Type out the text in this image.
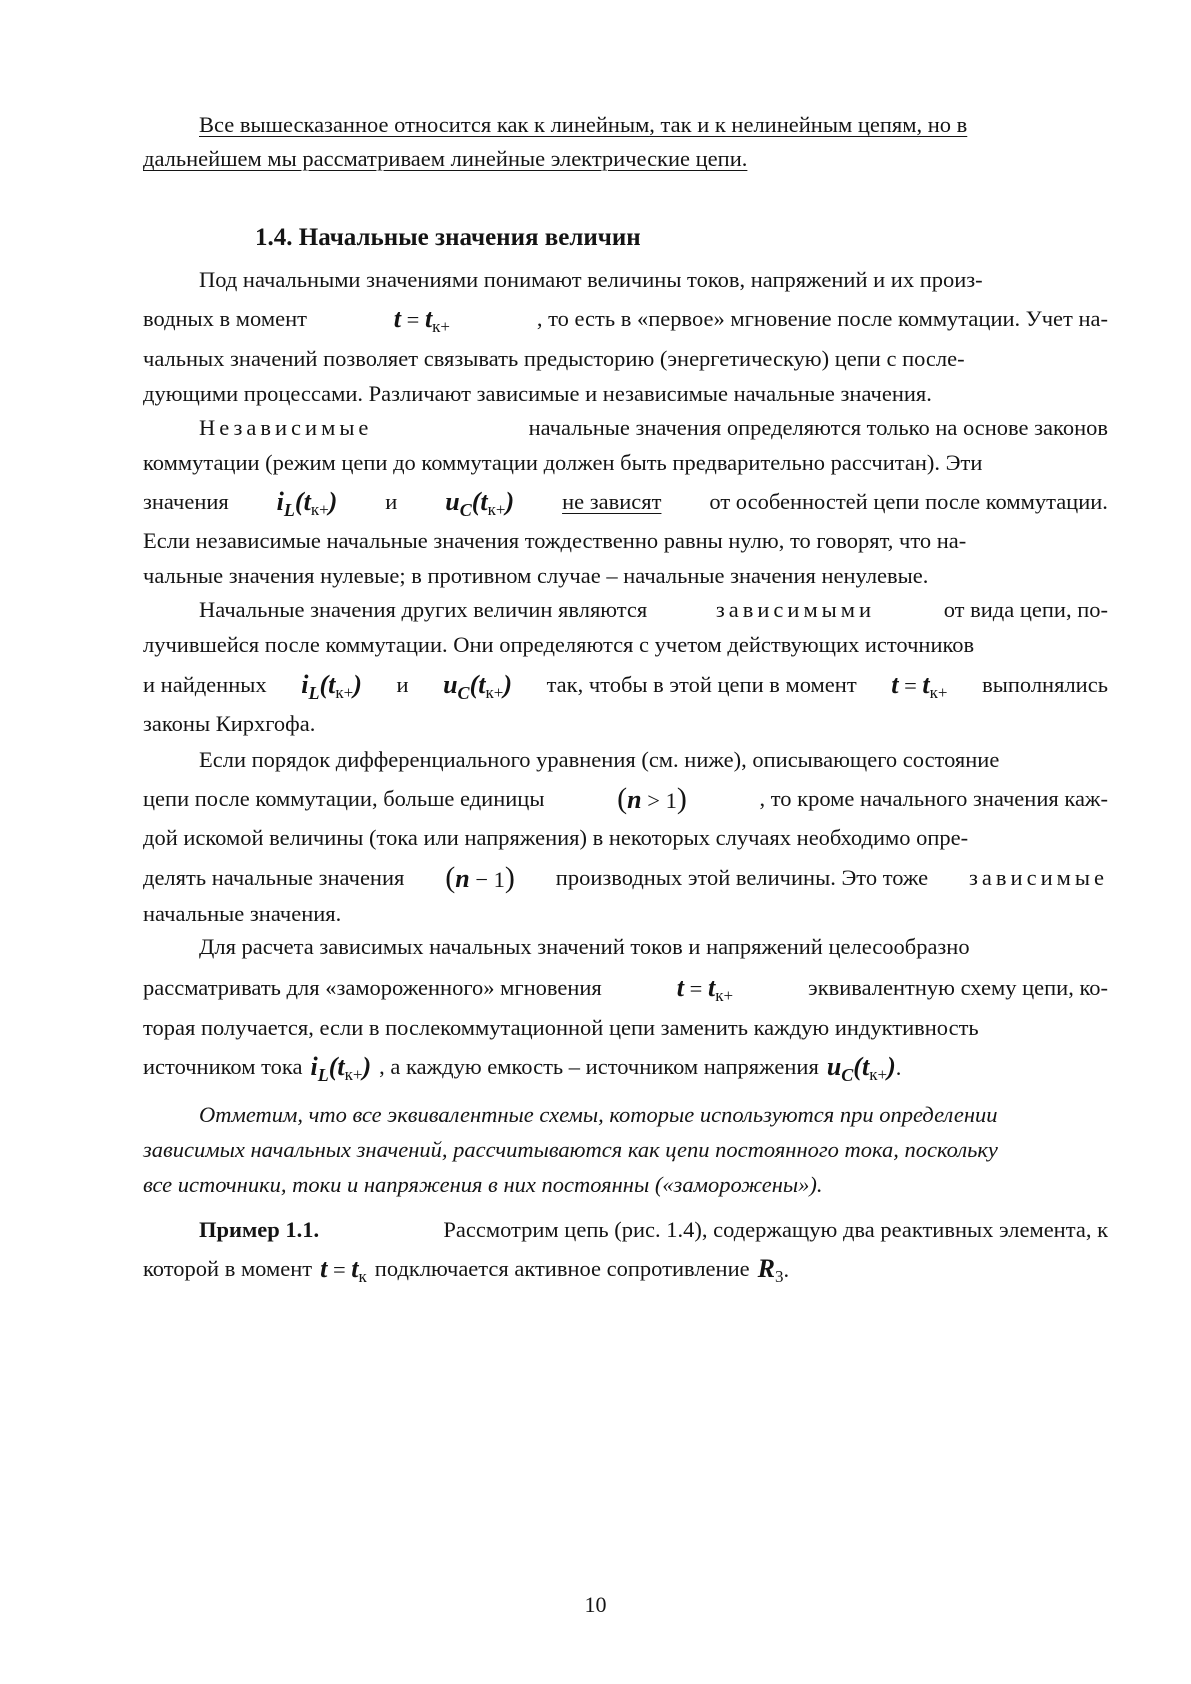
Все вышесказанное относится как к линейным, так и к нелинейным цепям, но в
дальнейшем мы рассматриваем линейные электрические цепи.
1.4. Начальные значения величин
Под начальными значениями понимают величины токов, напряжений и их произ-
водных в момент	$t = t_{к+}$	, то есть в «первое» мгновение после коммутации. Учет на-
чальных значений позволяет связывать предысторию (энергетическую) цепи с после-
дующими процессами. Различают зависимые и независимые начальные значения.
Независимые	начальные значения определяются только на основе законов
коммутации (режим цепи до коммутации должен быть предварительно рассчитан). Эти
значения $i_L(t_{к+})$ и $u_C(t_{к+})$ не зависят от особенностей цепи после коммутации.
Если независимые начальные значения тождественно равны нулю, то говорят, что на-
чальные значения нулевые; в противном случае – начальные значения ненулевые.
Начальные значения других величин являются	зависимыми	от вида цепи, по-
лучившейся после коммутации. Они определяются с учетом действующих источников
и найденных $i_L(t_{к+})$ и $u_C(t_{к+})$ так, чтобы в этой цепи в момент $t = t_{к+}$ выполнялись
законы Кирхгофа.
Если порядок дифференциального уравнения (см. ниже), описывающего состояние
цепи после коммутации, больше единицы (n > 1)	, то кроме начального значения каж-
дой искомой величины (тока или напряжения) в некоторых случаях необходимо опре-
делять начальные значения (n − 1) производных этой величины. Это тоже зависимые
начальные значения.
Для расчета зависимых начальных значений токов и напряжений целесообразно
рассматривать для «замороженного» мгновения	$t = t_{к+}$	эквивалентную схему цепи, ко-
торая получается, если в послекоммутационной цепи заменить каждую индуктивность
источником тока $i_L(t_{к+})$ , а каждую емкость – источником напряжения $u_C(t_{к+})$.
Отметим, что все эквивалентные схемы, которые используются при определении
зависимых начальных значений, рассчитываются как цепи постоянного тока, поскольку
все источники, токи и напряжения в них постоянны
(«заморожены»).
Пример 1.1.	Рассмотрим цепь (рис. 1.4), содержащую два реактивных элемента, к
которой в момент $t = t_к$ подключается активное сопротивление $R_3$.
10
